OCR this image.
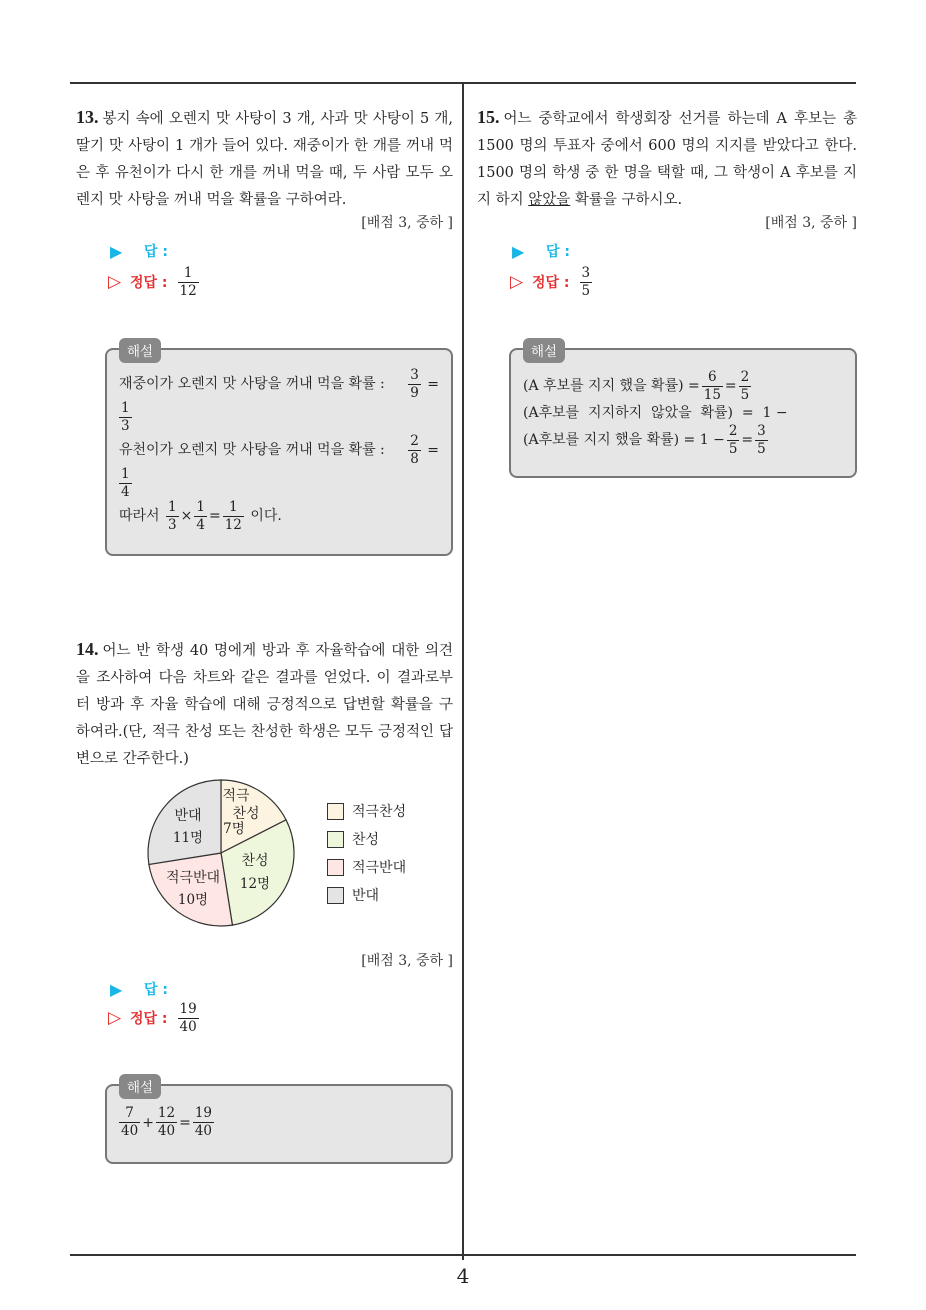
4
13. 봉지 속에 오렌지 맛 사탕이 3 개, 사과 맛 사탕이 5 개, 딸기 맛 사탕이 1 개가 들어 있다. 재중이가 한 개를 꺼내 먹은 후 유천이가 다시 한 개를 꺼내 먹을 때, 두 사람 모두 오렌지 맛 사탕을 꺼내 먹을 확률을 구하여라.
[배점 3, 중하 ]
▶	답 :
▷ 정답 : $\frac{1}{12}$
해설
재중이가 오렌지 맛 사탕을 꺼내 먹을 확률 : $\frac{3}{9}$ =
$\frac{1}{3}$
유천이가 오렌지 맛 사탕을 꺼내 먹을 확률 : $\frac{2}{8}$ =
$\frac{1}{4}$
따라서
$\frac{1}{3} \times \frac{1}{4} = \frac{1}{12}$
이다.
14. 어느 반 학생 40 명에게 방과 후 자율학습에 대한 의견을 조사하여 다음 차트와 같은 결과를 얻었다. 이 결과로부터 방과 후 자율 학습에 대해 긍정적으로 답변할 확률을 구하여라.(단, 적극 찬성 또는 찬성한 학생은 모두 긍정적인 답변으로 간주한다.)
적극
찬성
7명
찬성
12명
적극반대
10명
반대
11명
적극찬성
찬성
적극반대
반대
[배점 3, 중하 ]
▶	답 :
▷ 정답 : $\frac{19}{40}$
해설
$\frac{7}{40} + \frac{12}{40} = \frac{19}{40}$
15. 어느 중학교에서 학생회장 선거를 하는데 A 후보는 총 1500 명의 투표자 중에서 600 명의 지지를 받았다고 한다. 1500 명의 학생 중 한 명을 택할 때, 그 학생이 A 후보를 지지 하지 않았을 확률을 구하시오.
[배점 3, 중하 ]
▶	답 :
▷ 정답 : $\frac{3}{5}$
해설
(A 후보를 지지 했을 확률) = $\frac{6}{15} = \frac{2}{5}$
(A후보를  지지하지  않았을  확률)  =  1 −
(A후보를 지지 했을 확률) = $1 - \frac{2}{5} = \frac{3}{5}$
